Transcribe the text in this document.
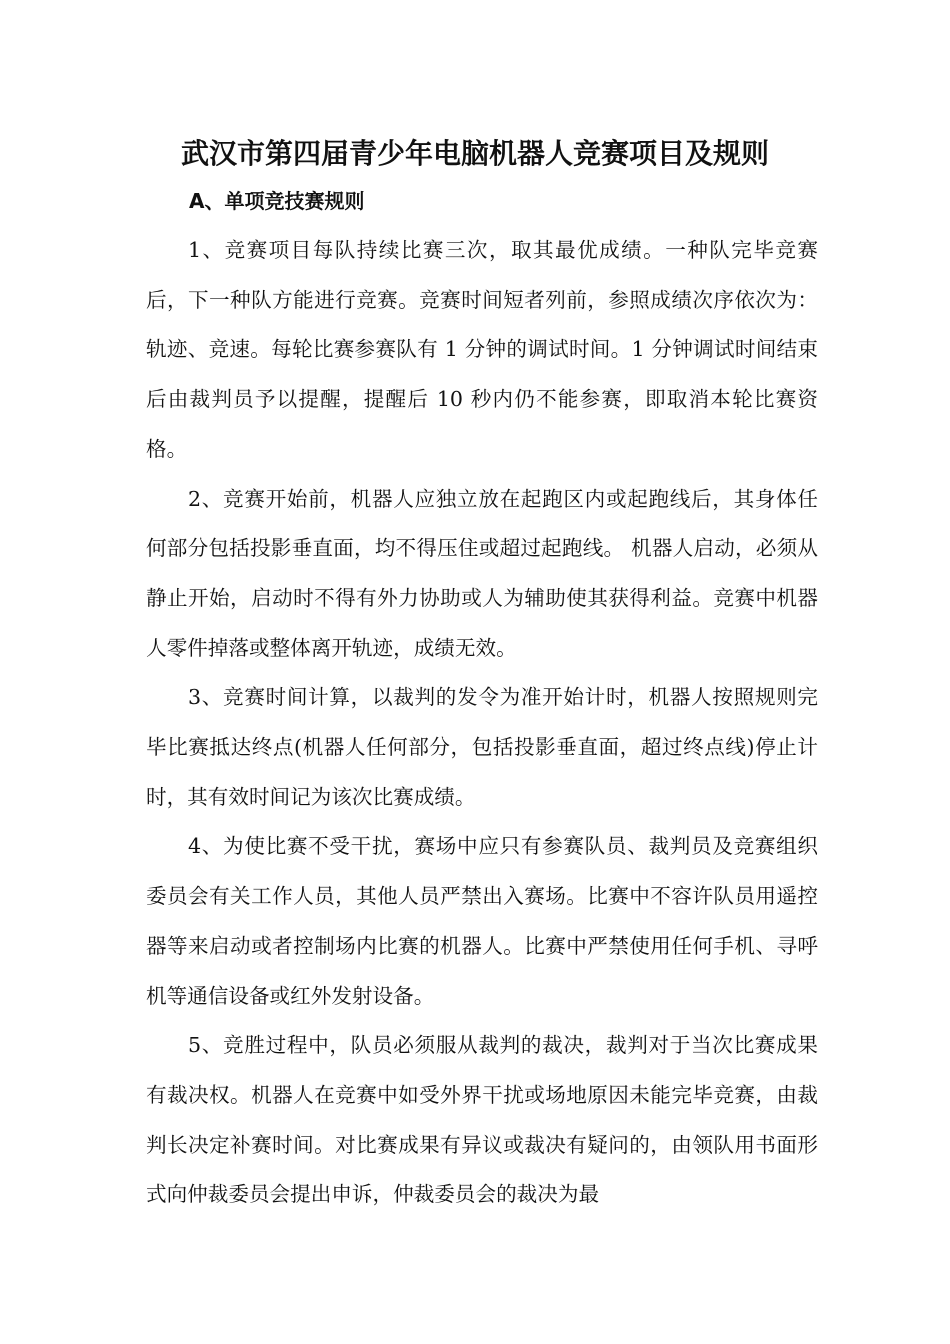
武汉市第四届青少年电脑机器人竞赛项目及规则
A、单项竞技赛规则

1、竞赛项目每队持续比赛三次，取其最优成绩。一种队完毕竞赛后，下一种队方能进行竞赛。竞赛时间短者列前，参照成绩次序依次为：轨迹、竞速。每轮比赛参赛队有 1 分钟的调试时间。1 分钟调试时间结束后由裁判员予以提醒，提醒后 10 秒内仍不能参赛，即取消本轮比赛资格。

2、竞赛开始前，机器人应独立放在起跑区内或起跑线后，其身体任何部分包括投影垂直面，均不得压住或超过起跑线。 机器人启动，必须从静止开始，启动时不得有外力协助或人为辅助使其获得利益。竞赛中机器人零件掉落或整体离开轨迹，成绩无效。

3、竞赛时间计算，以裁判的发令为准开始计时，机器人按照规则完毕比赛抵达终点(机器人任何部分，包括投影垂直面，超过终点线)停止计时，其有效时间记为该次比赛成绩。

4、为使比赛不受干扰，赛场中应只有参赛队员、裁判员及竞赛组织委员会有关工作人员，其他人员严禁出入赛场。比赛中不容许队员用遥控器等来启动或者控制场内比赛的机器人。比赛中严禁使用任何手机、寻呼机等通信设备或红外发射设备。

5、竞胜过程中，队员必须服从裁判的裁决，裁判对于当次比赛成果有裁决权。机器人在竞赛中如受外界干扰或场地原因未能完毕竞赛，由裁判长决定补赛时间。对比赛成果有异议或裁决有疑问的，由领队用书面形式向仲裁委员会提出申诉，仲裁委员会的裁决为最
